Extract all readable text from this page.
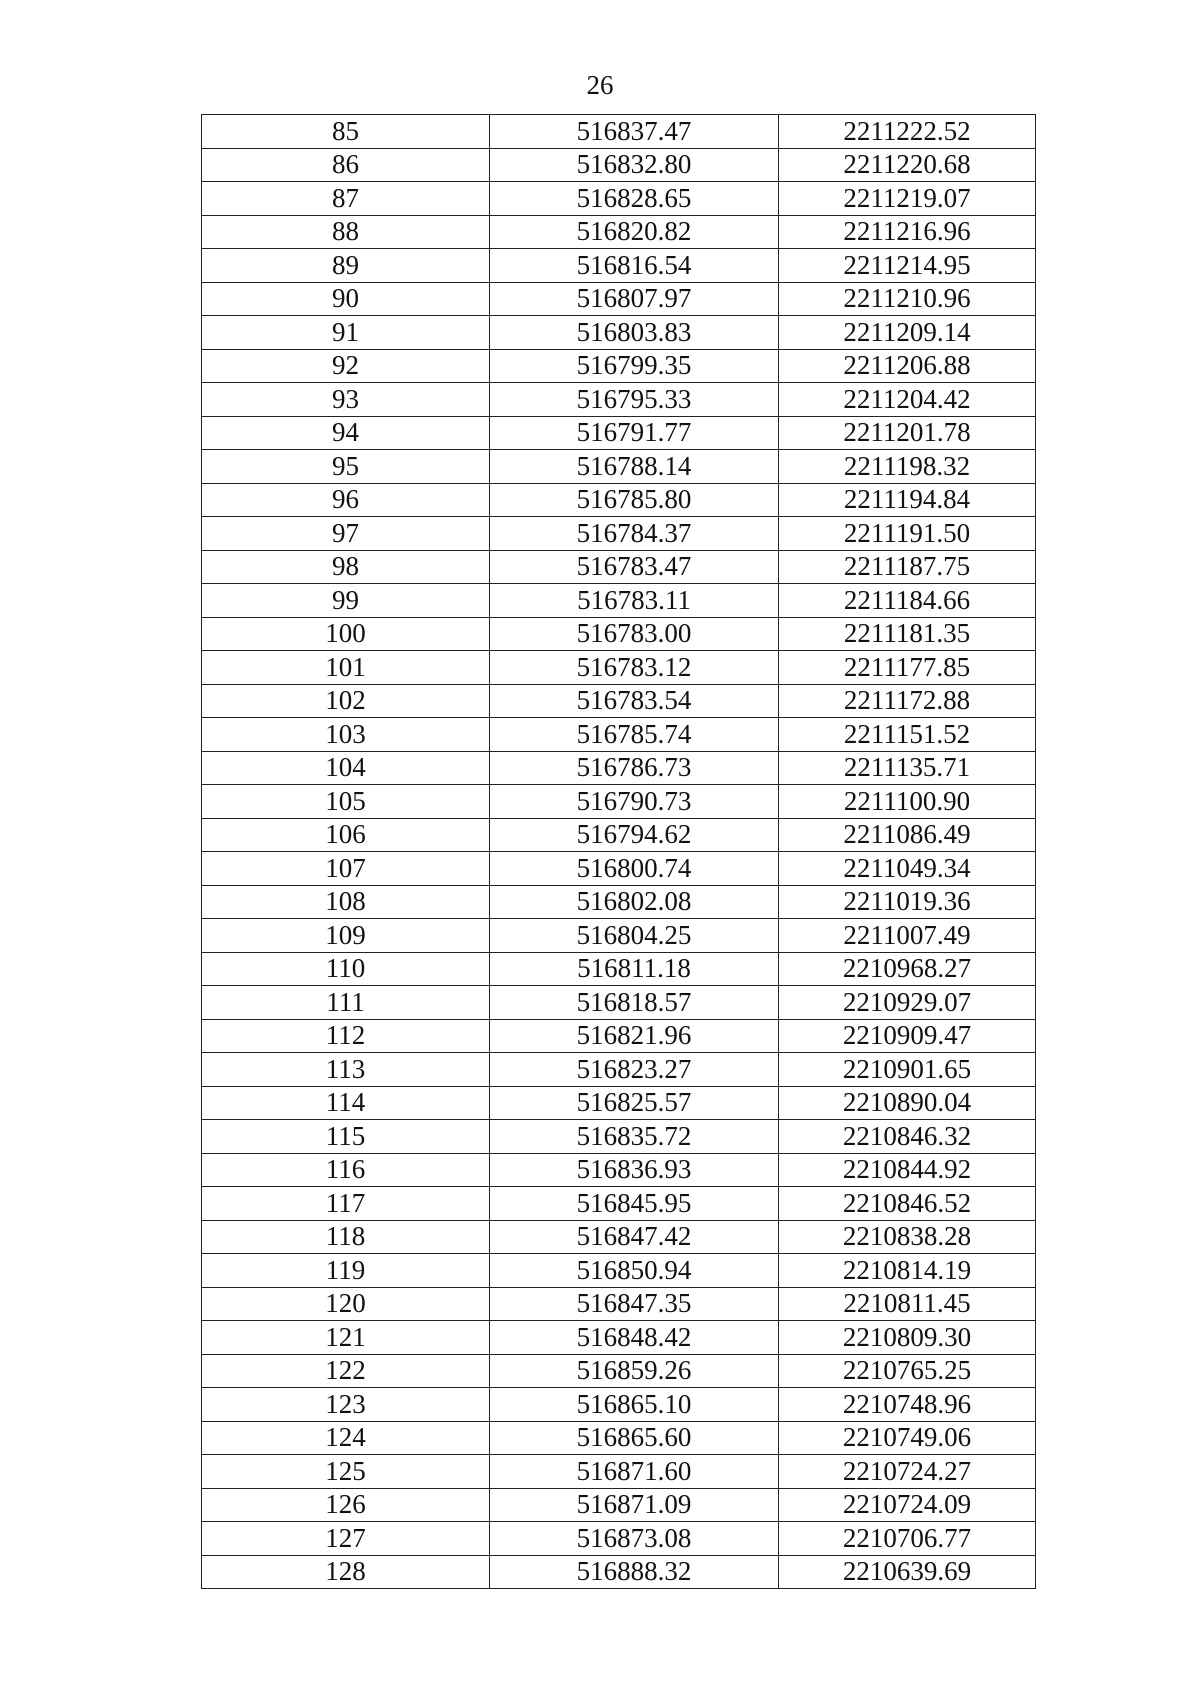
26
85	516837.47	2211222.52
86	516832.80	2211220.68
87	516828.65	2211219.07
88	516820.82	2211216.96
89	516816.54	2211214.95
90	516807.97	2211210.96
91	516803.83	2211209.14
92	516799.35	2211206.88
93	516795.33	2211204.42
94	516791.77	2211201.78
95	516788.14	2211198.32
96	516785.80	2211194.84
97	516784.37	2211191.50
98	516783.47	2211187.75
99	516783.11	2211184.66
100	516783.00	2211181.35
101	516783.12	2211177.85
102	516783.54	2211172.88
103	516785.74	2211151.52
104	516786.73	2211135.71
105	516790.73	2211100.90
106	516794.62	2211086.49
107	516800.74	2211049.34
108	516802.08	2211019.36
109	516804.25	2211007.49
110	516811.18	2210968.27
111	516818.57	2210929.07
112	516821.96	2210909.47
113	516823.27	2210901.65
114	516825.57	2210890.04
115	516835.72	2210846.32
116	516836.93	2210844.92
117	516845.95	2210846.52
118	516847.42	2210838.28
119	516850.94	2210814.19
120	516847.35	2210811.45
121	516848.42	2210809.30
122	516859.26	2210765.25
123	516865.10	2210748.96
124	516865.60	2210749.06
125	516871.60	2210724.27
126	516871.09	2210724.09
127	516873.08	2210706.77
128	516888.32	2210639.69
